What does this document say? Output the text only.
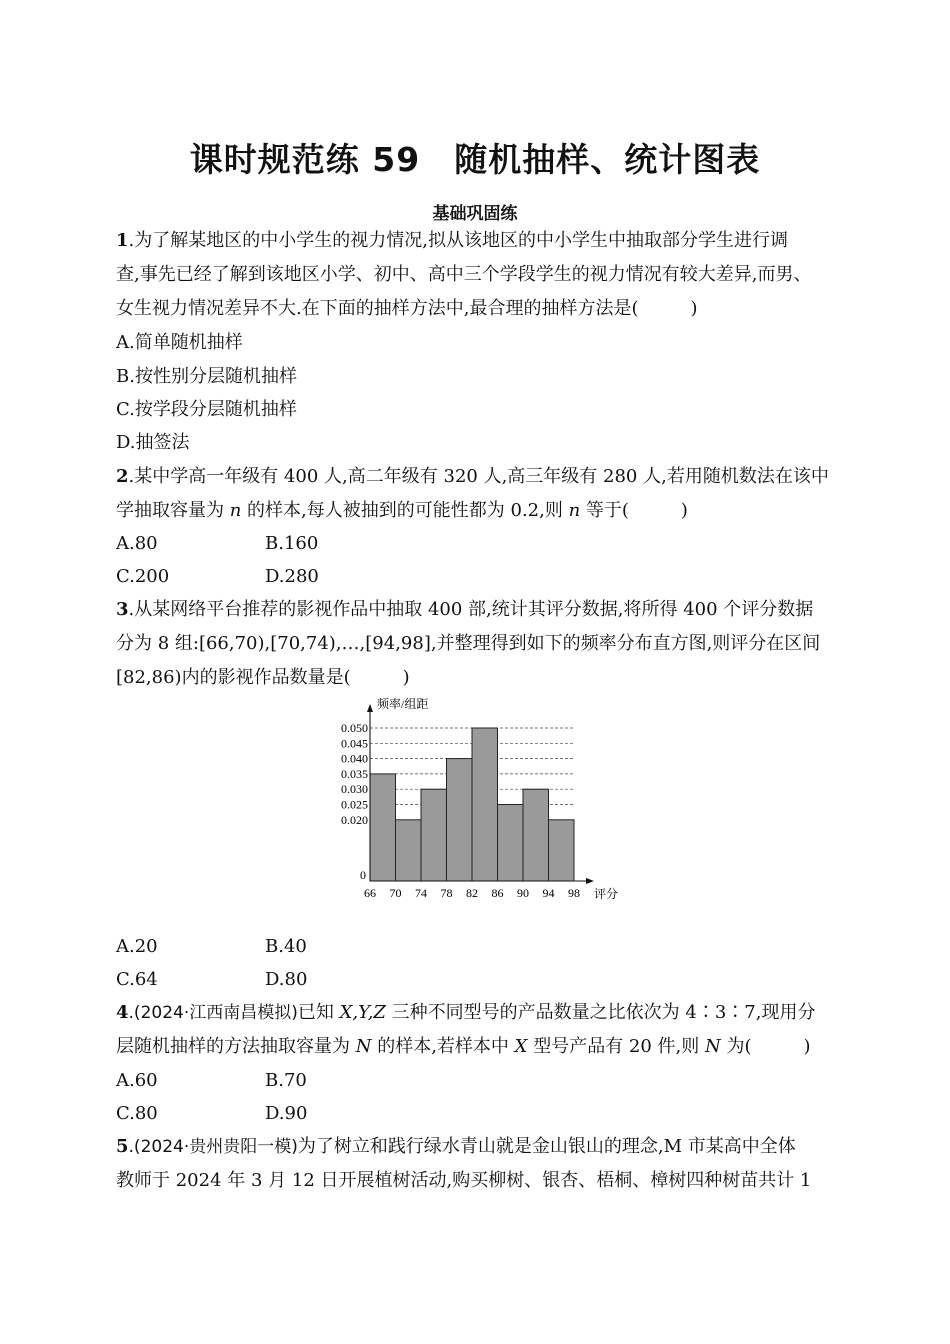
课时规范练 59　随机抽样、统计图表
基础巩固练
1.为了解某地区的中小学生的视力情况,拟从该地区的中小学生中抽取部分学生进行调
查,事先已经了解到该地区小学、初中、高中三个学段学生的视力情况有较大差异,而男、
女生视力情况差异不大.在下面的抽样方法中,最合理的抽样方法是(	)
A.简单随机抽样
B.按性别分层随机抽样
C.按学段分层随机抽样
D.抽签法
2.某中学高一年级有 400 人,高二年级有 320 人,高三年级有 280 人,若用随机数法在该中
学抽取容量为 n 的样本,每人被抽到的可能性都为 0.2,则 n 等于(	)
A.80	B.160
C.200	D.280
3.从某网络平台推荐的影视作品中抽取 400 部,统计其评分数据,将所得 400 个评分数据
分为 8 组:[66,70),[70,74),…,[94,98],并整理得到如下的频率分布直方图,则评分在区间
[82,86)内的影视作品数量是(	)
0.050
0.045
0.040
0.035
0.030
0.025
0.020
0
66 70 74 78 82 86 90 94 98
频率/组距
评分
A.20	B.40
C.64	D.80
4.(2024·江西南昌模拟)已知 X,Y,Z 三种不同型号的产品数量之比依次为 4∶3∶7,现用分
层随机抽样的方法抽取容量为 N 的样本,若样本中 X 型号产品有 20 件,则 N 为(	)
A.60	B.70
C.80	D.90
5.(2024·贵州贵阳一模)为了树立和践行绿水青山就是金山银山的理念,M 市某高中全体
教师于 2024 年 3 月 12 日开展植树活动,购买柳树、银杏、梧桐、樟树四种树苗共计 1
